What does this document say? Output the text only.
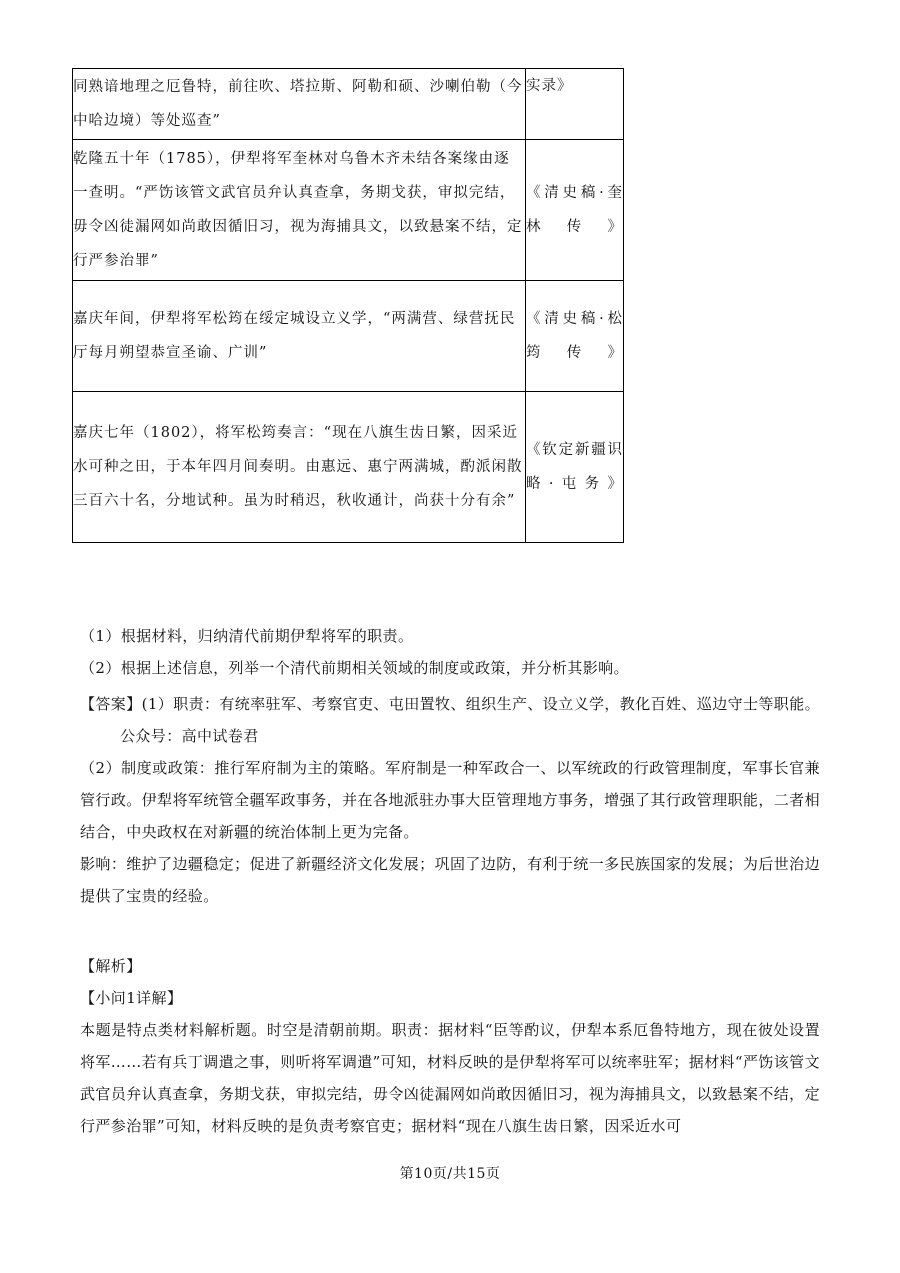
同熟谙地理之厄鲁特，前往吹、塔拉斯、阿勒和硕、沙喇伯勒（今中哈边境）等处巡查”	实录》
乾隆五十年（1785），伊犁将军奎林对乌鲁木齐未结各案缘由逐一查明。“严饬该管文武官员弁认真查拿，务期戈获，审拟完结，毋令凶徒漏网如尚敢因循旧习，视为海捕具文，以致悬案不结，定行严参治罪”	《清史稿·奎林传》
嘉庆年间，伊犁将军松筠在绥定城设立义学，“两满营、绿营抚民厅每月朔望恭宣圣谕、广训”	《清史稿·松筠传》
嘉庆七年（1802），将军松筠奏言：“现在八旗生齿日繁，因采近水可种之田，于本年四月间奏明。由惠远、惠宁两满城，酌派闲散三百六十名，分地试种。虽为时稍迟，秋收通计，尚获十分有余”	《钦定新疆识略·屯务》

（1）根据材料，归纳清代前期伊犁将军的职责。

（2）根据上述信息，列举一个清代前期相关领域的制度或政策，并分析其影响。

【答案】(1）职责：有统率驻军、考察官吏、屯田置牧、组织生产、设立义学，教化百姓、巡边守士等职能。公众号：高中试卷君

（2）制度或政策：推行军府制为主的策略。军府制是一种军政合一、以军统政的行政管理制度，军事长官兼管行政。伊犁将军统管全疆军政事务，并在各地派驻办事大臣管理地方事务，增强了其行政管理职能，二者相结合，中央政权在对新疆的统治体制上更为完备。

影响：维护了边疆稳定；促进了新疆经济文化发展；巩固了边防，有利于统一多民族国家的发展；为后世治边提供了宝贵的经验。

【解析】

【小问1详解】

本题是特点类材料解析题。时空是清朝前期。职责：据材料“臣等酌议，伊犁本系厄鲁特地方，现在彼处设置将军……若有兵丁调遣之事，则听将军调遣”可知，材料反映的是伊犁将军可以统率驻军；据材料“严饬该管文武官员弁认真查拿，务期戈获，审拟完结，毋令凶徒漏网如尚敢因循旧习，视为海捕具文，以致悬案不结，定行严参治罪”可知，材料反映的是负责考察官吏；据材料“现在八旗生齿日繁，因采近水可

第10页/共15页
